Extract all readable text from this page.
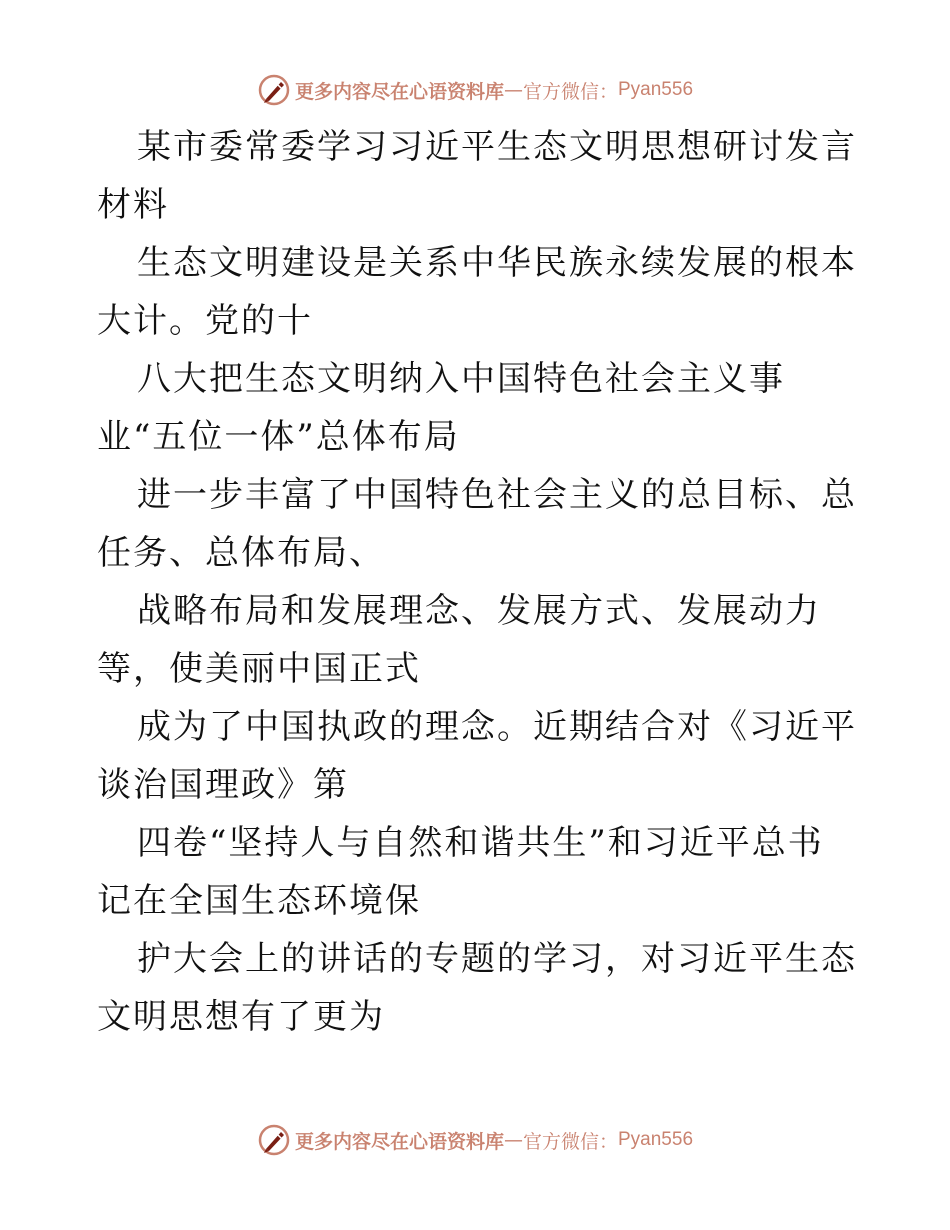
更多内容尽在心语资料库 — 官方微信： Pyan556

某市委常委学习习近平生态文明思想研讨发言材料

生态文明建设是关系中华民族永续发展的根本大计。党的十

八大把生态文明纳入中国特色社会主义事业“五位一体”总体布局

进一步丰富了中国特色社会主义的总目标、总任务、总体布局、

战略布局和发展理念、发展方式、发展动力等，使美丽中国正式

成为了中国执政的理念。近期结合对《习近平谈治国理政》第

四卷“坚持人与自然和谐共生”和习近平总书记在全国生态环境保

护大会上的讲话的专题的学习，对习近平生态文明思想有了更为

更多内容尽在心语资料库 — 官方微信： Pyan556
